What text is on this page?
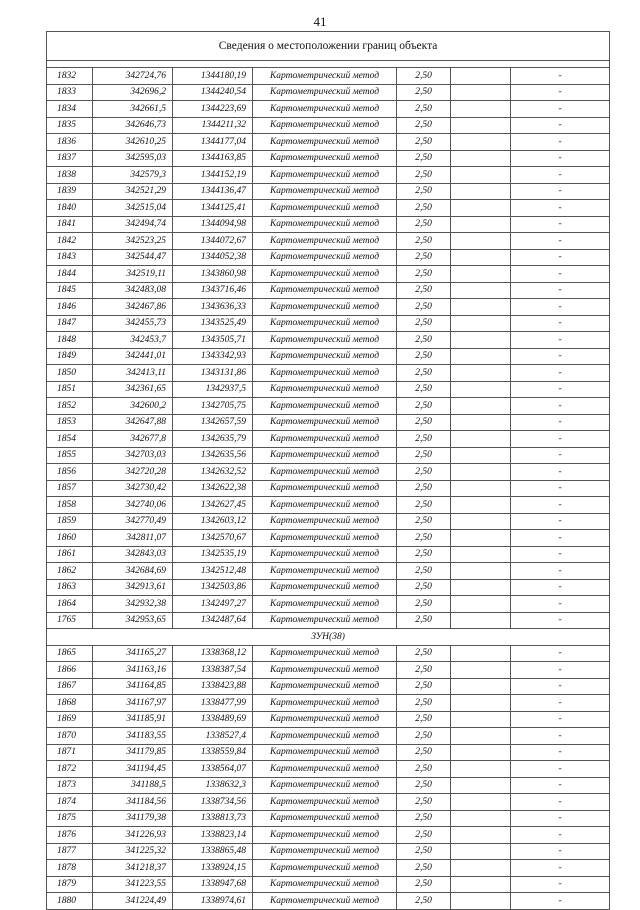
41
Сведения о местоположении границ объекта						

1832	342724,76	1344180,19	Картометрический метод	2,50		-
1833	342696,2	1344240,54	Картометрический метод	2,50		-
1834	342661,5	1344223,69	Картометрический метод	2,50		-
1835	342646,73	1344211,32	Картометрический метод	2,50		-
1836	342610,25	1344177,04	Картометрический метод	2,50		-
1837	342595,03	1344163,85	Картометрический метод	2,50		-
1838	342579,3	1344152,19	Картометрический метод	2,50		-
1839	342521,29	1344136,47	Картометрический метод	2,50		-
1840	342515,04	1344125,41	Картометрический метод	2,50		-
1841	342494,74	1344094,98	Картометрический метод	2,50		-
1842	342523,25	1344072,67	Картометрический метод	2,50		-
1843	342544,47	1344052,38	Картометрический метод	2,50		-
1844	342519,11	1343860,98	Картометрический метод	2,50		-
1845	342483,08	1343716,46	Картометрический метод	2,50		-
1846	342467,86	1343636,33	Картометрический метод	2,50		-
1847	342455,73	1343525,49	Картометрический метод	2,50		-
1848	342453,7	1343505,71	Картометрический метод	2,50		-
1849	342441,01	1343342,93	Картометрический метод	2,50		-
1850	342413,11	1343131,86	Картометрический метод	2,50		-
1851	342361,65	1342937,5	Картометрический метод	2,50		-
1852	342600,2	1342705,75	Картометрический метод	2,50		-
1853	342647,88	1342657,59	Картометрический метод	2,50		-
1854	342677,8	1342635,79	Картометрический метод	2,50		-
1855	342703,03	1342635,56	Картометрический метод	2,50		-
1856	342720,28	1342632,52	Картометрический метод	2,50		-
1857	342730,42	1342622,38	Картометрический метод	2,50		-
1858	342740,06	1342627,45	Картометрический метод	2,50		-
1859	342770,49	1342603,12	Картометрический метод	2,50		-
1860	342811,07	1342570,67	Картометрический метод	2,50		-
1861	342843,03	1342535,19	Картометрический метод	2,50		-
1862	342684,69	1342512,48	Картометрический метод	2,50		-
1863	342913,61	1342503,86	Картометрический метод	2,50		-
1864	342932,38	1342497,27	Картометрический метод	2,50		-
1765	342953,65	1342487,64	Картометрический метод	2,50		-
ЗУН(38)						
1865	341165,27	1338368,12	Картометрический метод	2,50		-
1866	341163,16	1338387,54	Картометрический метод	2,50		-
1867	341164,85	1338423,88	Картометрический метод	2,50		-
1868	341167,97	1338477,99	Картометрический метод	2,50		-
1869	341185,91	1338489,69	Картометрический метод	2,50		-
1870	341183,55	1338527,4	Картометрический метод	2,50		-
1871	341179,85	1338559,84	Картометрический метод	2,50		-
1872	341194,45	1338564,07	Картометрический метод	2,50		-
1873	341188,5	1338632,3	Картометрический метод	2,50		-
1874	341184,56	1338734,56	Картометрический метод	2,50		-
1875	341179,38	1338813,73	Картометрический метод	2,50		-
1876	341226,93	1338823,14	Картометрический метод	2,50		-
1877	341225,32	1338865,48	Картометрический метод	2,50		-
1878	341218,37	1338924,15	Картометрический метод	2,50		-
1879	341223,55	1338947,68	Картометрический метод	2,50		-
1880	341224,49	1338974,61	Картометрический метод	2,50		-
